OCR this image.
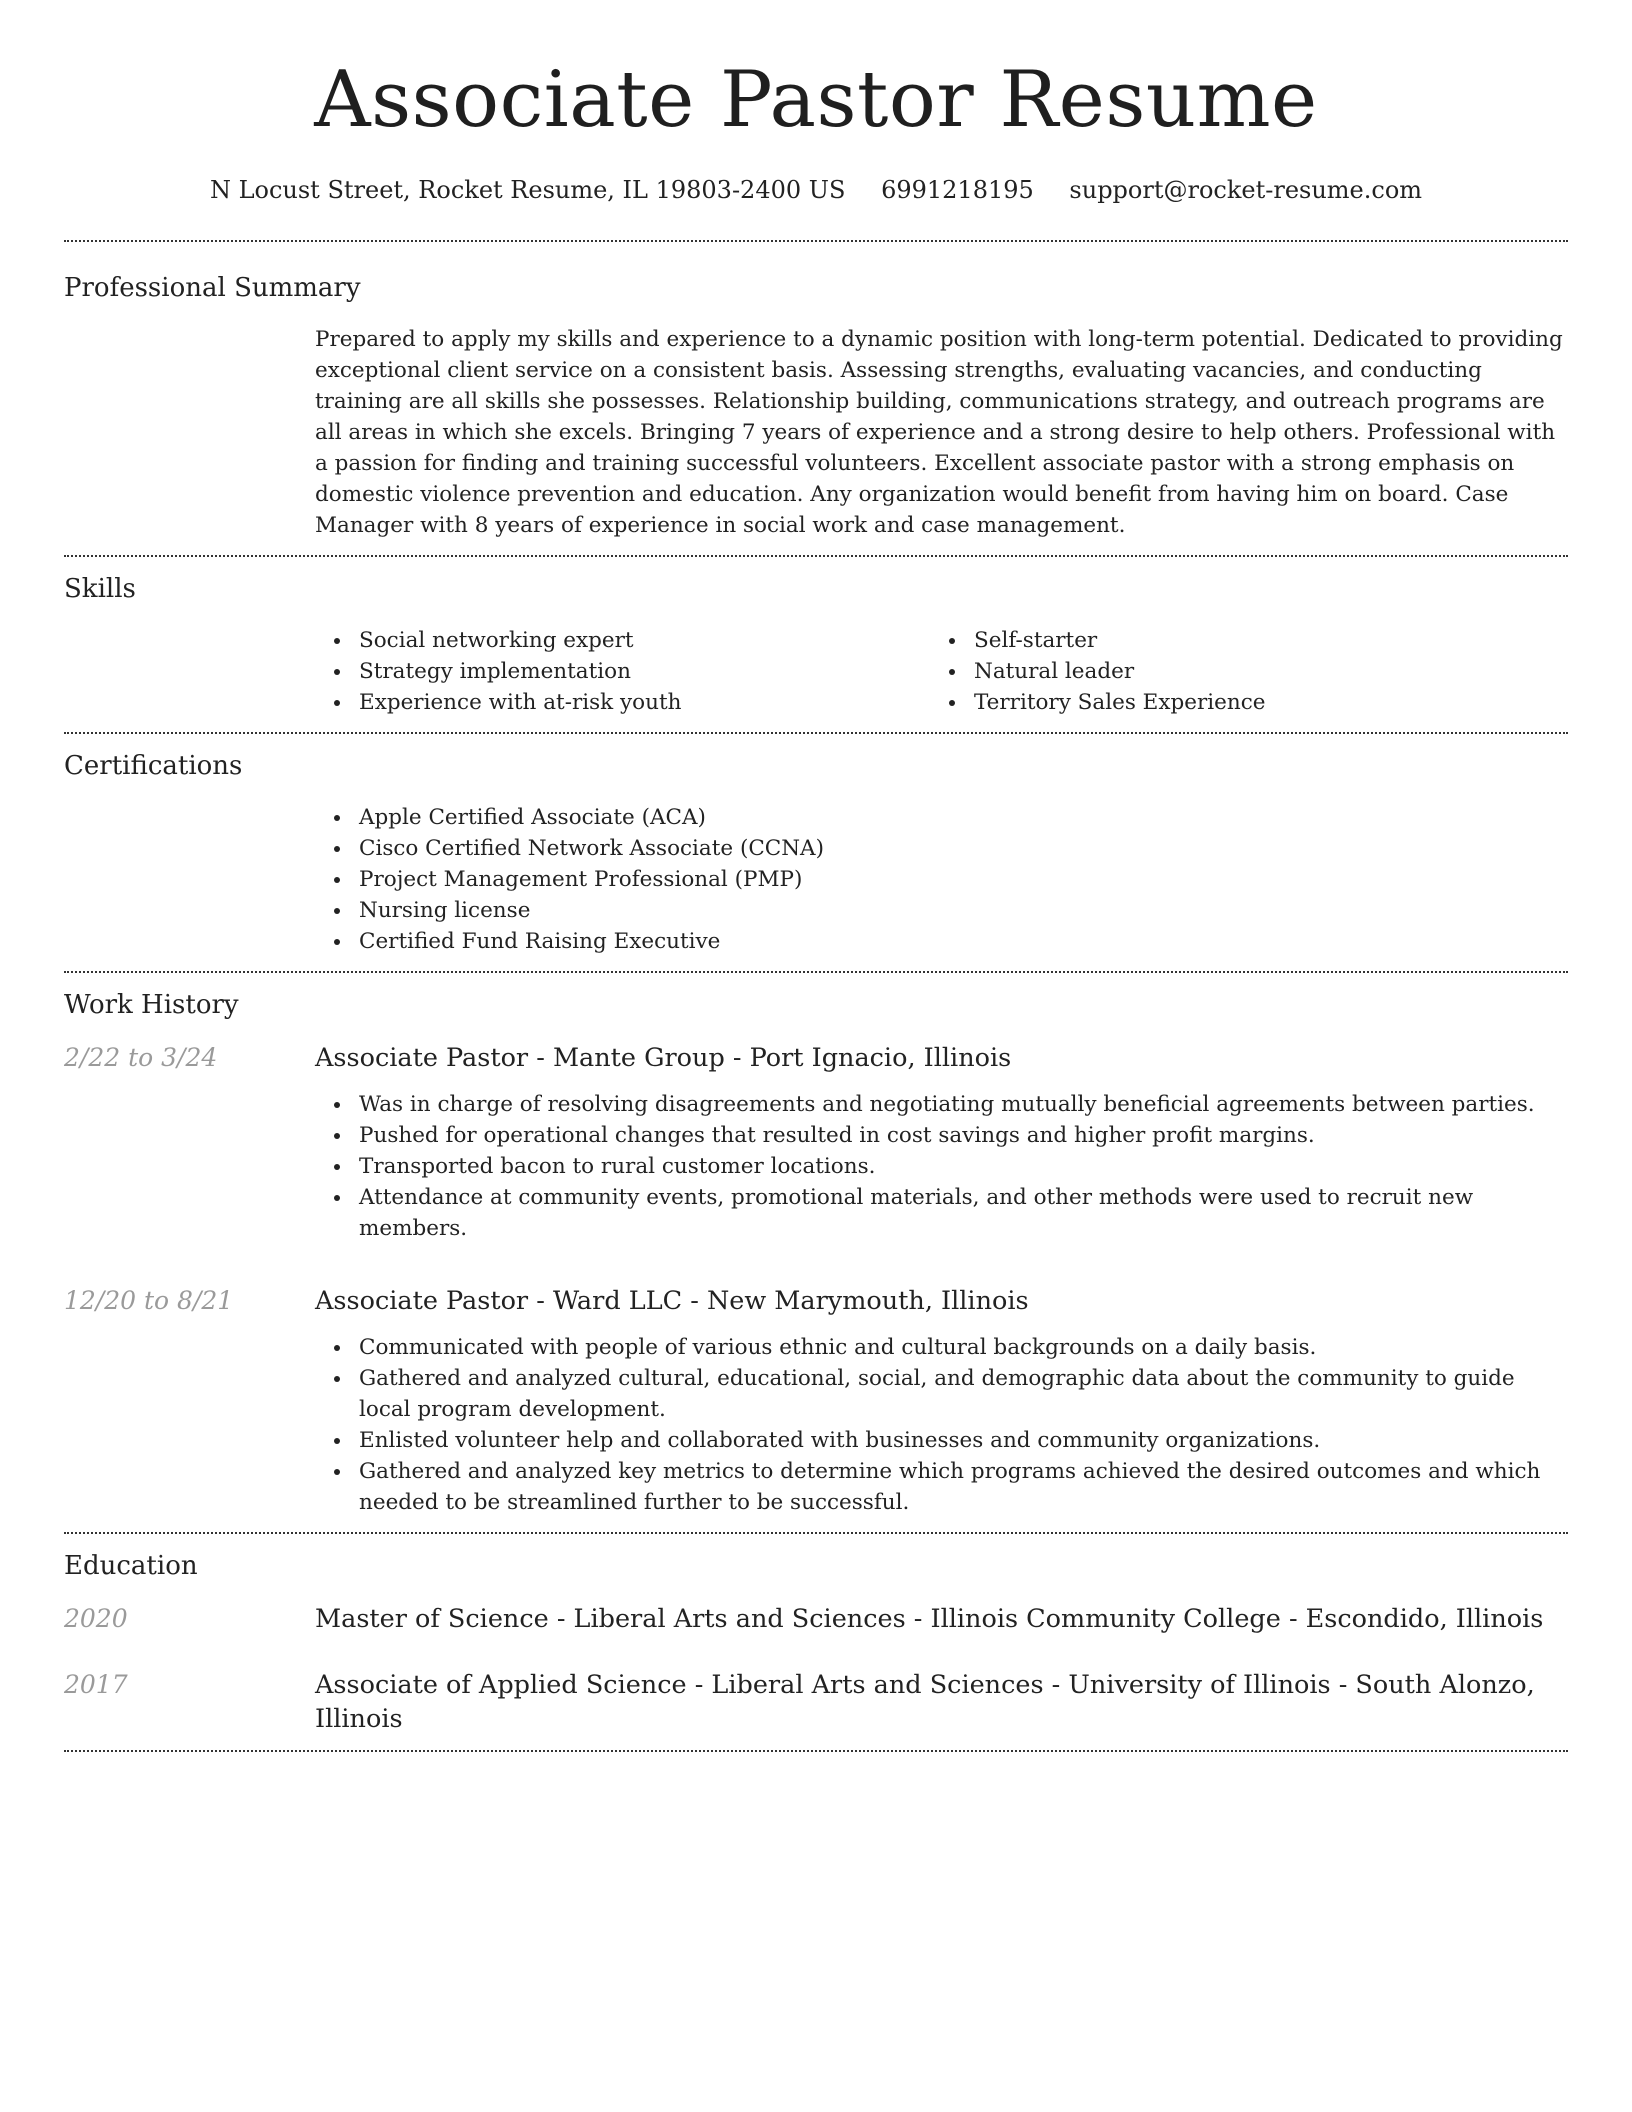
Associate Pastor Resume
N Locust Street, Rocket Resume, IL 19803-2400 US 6991218195 support@rocket-resume.com
Professional Summary

Prepared to apply my skills and experience to a dynamic position with long-term potential. Dedicated to providing exceptional client service on a consistent basis. Assessing strengths, evaluating vacancies, and conducting training are all skills she possesses. Relationship building, communications strategy, and outreach programs are all areas in which she excels. Bringing 7 years of experience and a strong desire to help others. Professional with a passion for finding and training successful volunteers. Excellent associate pastor with a strong emphasis on domestic violence prevention and education. Any organization would benefit from having him on board. Case Manager with 8 years of experience in social work and case management.

Skills
Social networking expert
Strategy implementation
Experience with at-risk youth
Self-starter
Natural leader
Territory Sales Experience
Certifications
Apple Certified Associate (ACA)
Cisco Certified Network Associate (CCNA)
Project Management Professional (PMP)
Nursing license
Certified Fund Raising Executive
Work History
2/22 to 3/24	Associate Pastor - Mante Group - Port Ignacio, Illinois
Was in charge of resolving disagreements and negotiating mutually beneficial agreements between parties.
Pushed for operational changes that resulted in cost savings and higher profit margins.
Transported bacon to rural customer locations.
Attendance at community events, promotional materials, and other methods were used to recruit new members.
12/20 to 8/21	Associate Pastor - Ward LLC - New Marymouth, Illinois
Communicated with people of various ethnic and cultural backgrounds on a daily basis.
Gathered and analyzed cultural, educational, social, and demographic data about the community to guide local program development.
Enlisted volunteer help and collaborated with businesses and community organizations.
Gathered and analyzed key metrics to determine which programs achieved the desired outcomes and which needed to be streamlined further to be successful.
Education
2020	Master of Science - Liberal Arts and Sciences - Illinois Community College - Escondido, Illinois
2017	Associate of Applied Science - Liberal Arts and Sciences - University of Illinois - South Alonzo, Illinois
